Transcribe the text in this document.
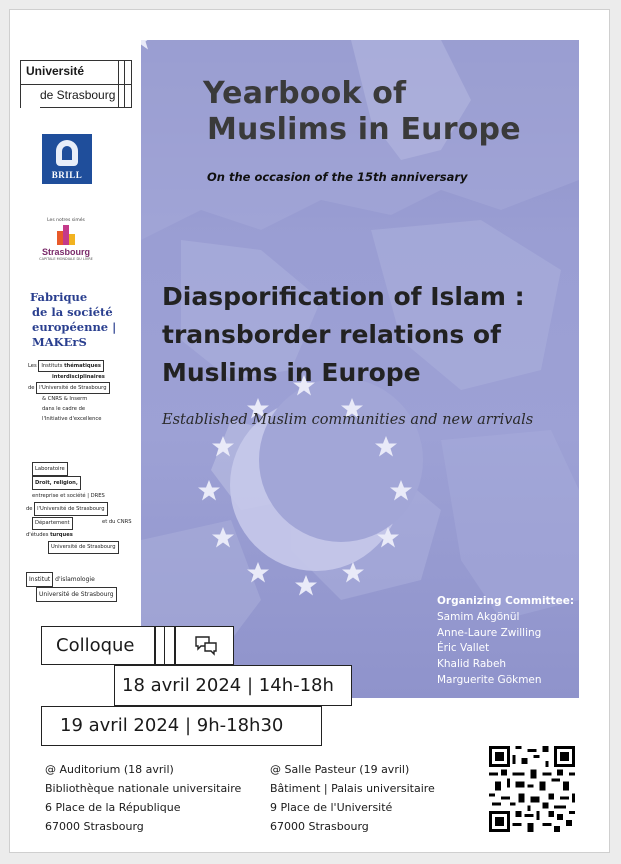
Université
de Strasbourg
BRILL
Les notres simés
Strasbourg
CAPITALE MONDIALE DU LIVRE
Fabrique
de la société
européenne |
MAKErS
Les Instituts thématiques
interdisciplinaires
de l'Université de Strasbourg
& CNRS & Inserm
dans le cadre de
l'Initiative d'excellence
Laboratoire
Droit, religion,
entreprise et société | DRES
de l'Université de Strasbourg
et du CNRS
Département
d'études turques
Université de Strasbourg
Institut d'islamologie
Université de Strasbourg
Yearbook of
Muslims in Europe
On the occasion of the 15th anniversary
Diasporification of Islam : transborder relations of Muslims in Europe
Established Muslim communities and new arrivals
Organizing Committee:
Samim Akgönül
Anne-Laure Zwilling
Éric Vallet
Khalid Rabeh
Marguerite Gökmen
Colloque
18 avril 2024 | 14h-18h
19 avril 2024 | 9h-18h30
@ Auditorium (18 avril)
Bibliothèque nationale universitaire
6 Place de la République
67000 Strasbourg
@ Salle Pasteur (19 avril)
Bâtiment | Palais universitaire
9 Place de l'Université
67000 Strasbourg
